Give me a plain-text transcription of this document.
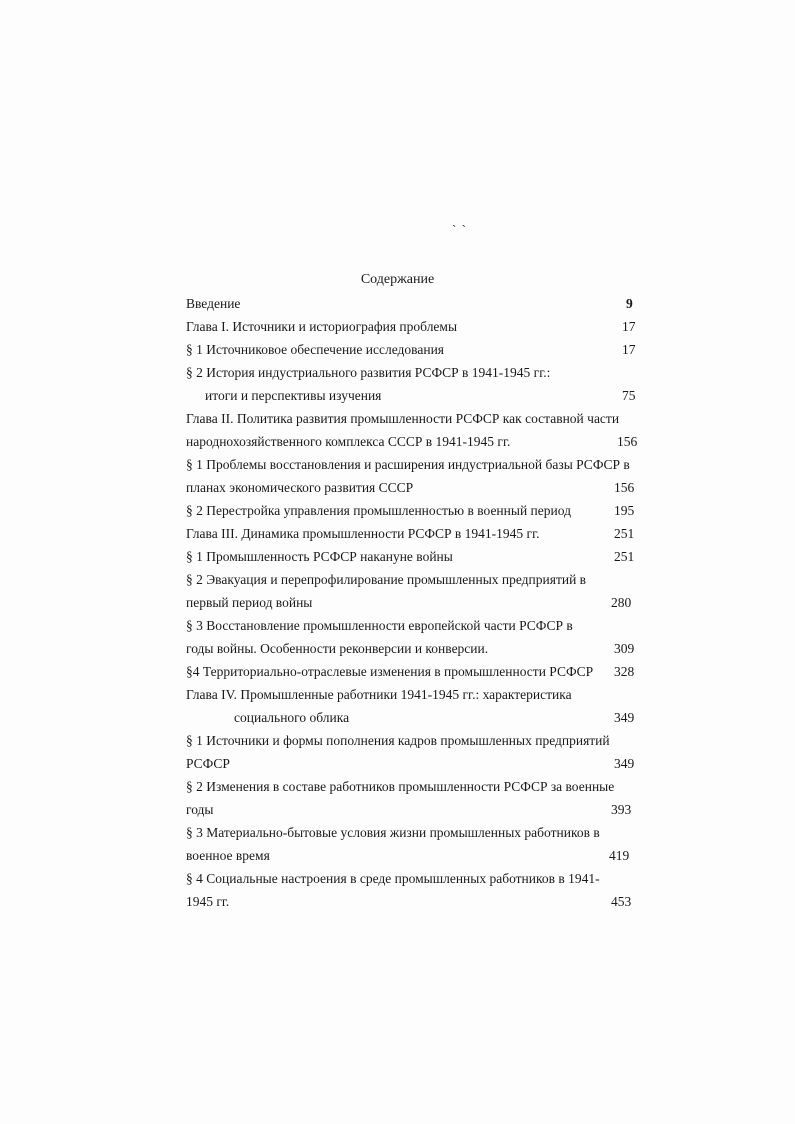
` `
Содержание
Введение	9
Глава I. Источники и историография проблемы	17
§ 1 Источниковое обеспечение исследования	17
§ 2 История индустриального развития РСФСР в 1941-1945 гг.:
итоги и перспективы изучения	75
Глава II. Политика развития промышленности РСФСР как составной части
народнохозяйственного комплекса СССР в 1941-1945 гг.	156
§ 1 Проблемы восстановления и расширения индустриальной базы РСФСР в
планах экономического развития СССР	156
§ 2 Перестройка управления промышленностью в военный период	195
Глава III. Динамика промышленности РСФСР в 1941-1945 гг.	251
§ 1 Промышленность РСФСР накануне войны	251
§ 2 Эвакуация и перепрофилирование промышленных предприятий в
первый период войны	280
§ 3 Восстановление промышленности европейской части РСФСР в
годы войны. Особенности реконверсии и конверсии.	309
§4 Территориально-отраслевые изменения в промышленности РСФСР 328
Глава IV. Промышленные работники 1941-1945 гг.: характеристика
социального облика	349
§ 1 Источники и формы пополнения кадров промышленных предприятий
РСФСР	349
§ 2 Изменения в составе работников промышленности РСФСР за военные
годы	393
§ 3 Материально-бытовые условия жизни промышленных работников в
военное время	419
§ 4 Социальные настроения в среде промышленных работников в 1941-
1945 гг.	453
